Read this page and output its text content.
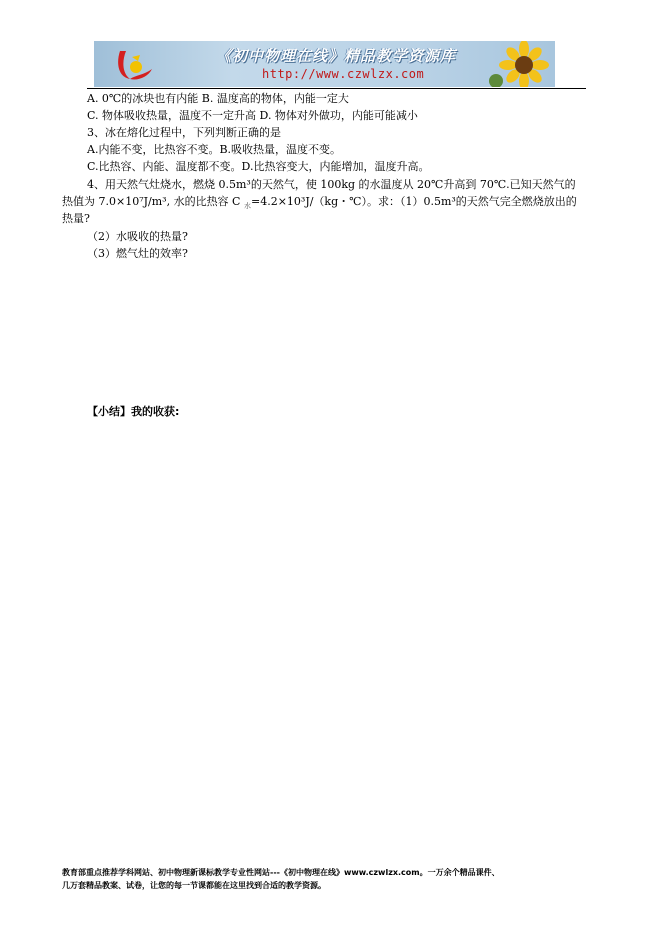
《初中物理在线》精品教学资源库
http://www.czwlzx.com
A. 0℃的冰块也有内能 B. 温度高的物体，内能一定大
C. 物体吸收热量，温度不一定升高 D. 物体对外做功，内能可能减小
3、冰在熔化过程中，下列判断正确的是
A.内能不变，比热容不变。B.吸收热量，温度不变。
C.比热容、内能、温度都不变。D.比热容变大，内能增加，温度升高。
4、用天然气灶烧水，燃烧 0.5m³的天然气，使 100kg 的水温度从 20℃升高到 70℃.已知天然气的
热值为 7.0×10⁷J/m³, 水的比热容 C $_水$=4.2×10³J/（kg・℃）。求：（1）0.5m³的天然气完全燃烧放出的
热量?
（2）水吸收的热量?
（3）燃气灶的效率?
【小结】我的收获:
教育部重点推荐学科网站、初中物理新课标教学专业性网站---《初中物理在线》www.czwlzx.com。一万余个精品课件、
几万套精品教案、试卷，让您的每一节课都能在这里找到合适的教学资源。
